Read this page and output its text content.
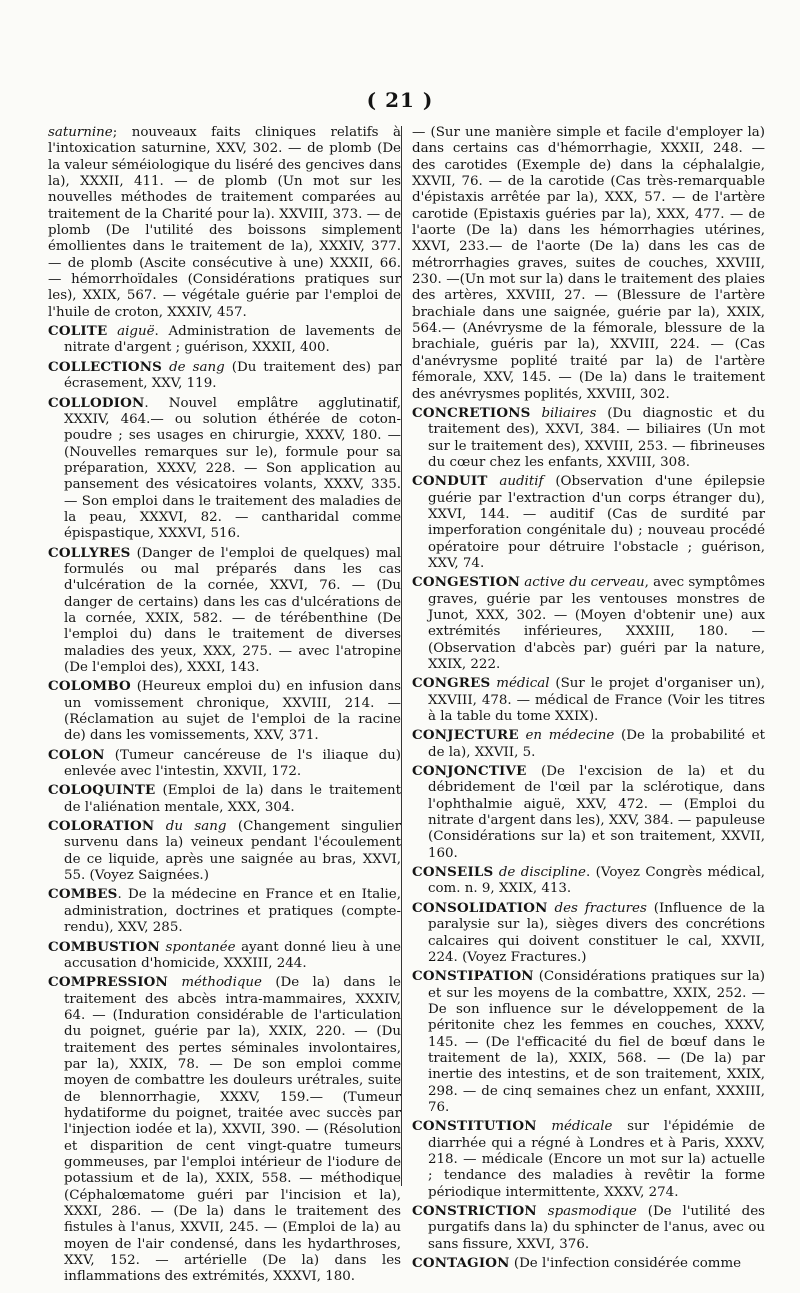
( 21 )

saturnine; nouveaux faits cliniques relatifs à l'intoxication saturnine, XXV, 302. — de plomb (De la valeur séméiologique du liséré des gencives dans la), XXXII, 411. — de plomb (Un mot sur les nouvelles méthodes de traitement comparées au traitement de la Charité pour la). XXVIII, 373. — de plomb (De l'utilité des boissons simplement émollientes dans le traitement de la), XXXIV, 377. — de plomb (Ascite consécutive à une) XXXII, 66. — hémorrhoïdales (Considérations pratiques sur les), XXIX, 567. — végétale guérie par l'emploi de l'huile de croton, XXXIV, 457.

COLITE aiguë. Administration de lavements de nitrate d'argent ; guérison, XXXII, 400.

COLLECTIONS de sang (Du traitement des) par écrasement, XXV, 119.

COLLODION. Nouvel emplâtre agglutinatif, XXXIV, 464.— ou solution éthérée de coton-poudre ; ses usages en chirurgie, XXXV, 180. — (Nouvelles remarques sur le), formule pour sa préparation, XXXV, 228. — Son application au pansement des vésicatoires volants, XXXV, 335. — Son emploi dans le traitement des maladies de la peau, XXXVI, 82. — cantharidal comme épispastique, XXXVI, 516.

COLLYRES (Danger de l'emploi de quelques) mal formulés ou mal préparés dans les cas d'ulcération de la cornée, XXVI, 76. — (Du danger de certains) dans les cas d'ulcérations de la cornée, XXIX, 582. — de térébenthine (De l'emploi du) dans le traitement de diverses maladies des yeux, XXX, 275. — avec l'atropine (De l'emploi des), XXXI, 143.

COLOMBO (Heureux emploi du) en infusion dans un vomissement chronique, XXVIII, 214. — (Réclamation au sujet de l'emploi de la racine de) dans les vomissements, XXV, 371.

COLON (Tumeur cancéreuse de l's iliaque du) enlevée avec l'intestin, XXVII, 172.

COLOQUINTE (Emploi de la) dans le traitement de l'aliénation mentale, XXX, 304.

COLORATION du sang (Changement singulier survenu dans la) veineux pendant l'écoulement de ce liquide, après une saignée au bras, XXVI, 55. (Voyez Saignées.)

COMBES. De la médecine en France et en Italie, administration, doctrines et pratiques (compte-rendu), XXV, 285.

COMBUSTION spontanée ayant donné lieu à une accusation d'homicide, XXXIII, 244.

COMPRESSION méthodique (De la) dans le traitement des abcès intra-mammaires, XXXIV, 64. — (Induration considérable de l'articulation du poignet, guérie par la), XXIX, 220. — (Du traitement des pertes séminales involontaires, par la), XXIX, 78. — De son emploi comme moyen de combattre les douleurs urétrales, suite de blennorrhagie, XXXV, 159.— (Tumeur hydatiforme du poignet, traitée avec succès par l'injection iodée et la), XXVII, 390. — (Résolution et disparition de cent vingt-quatre tumeurs gommeuses, par l'emploi intérieur de l'iodure de potassium et de la), XXIX, 558. — méthodique (Céphalœmatome guéri par l'incision et la), XXXI, 286. — (De la) dans le traitement des fistules à l'anus, XXVII, 245. — (Emploi de la) au moyen de l'air condensé, dans les hydarthroses, XXV, 152. — artérielle (De la) dans les inflammations des extrémités, XXXVI, 180.

— (Sur une manière simple et facile d'employer la) dans certains cas d'hémorrhagie, XXXII, 248. — des carotides (Exemple de) dans la céphalalgie, XXVII, 76. — de la carotide (Cas très-remarquable d'épistaxis arrêtée par la), XXX, 57. — de l'artère carotide (Epistaxis guéries par la), XXX, 477. — de l'aorte (De la) dans les hémorrhagies utérines, XXVI, 233.— de l'aorte (De la) dans les cas de métrorrhagies graves, suites de couches, XXVIII, 230. —(Un mot sur la) dans le traitement des plaies des artères, XXVIII, 27. — (Blessure de l'artère brachiale dans une saignée, guérie par la), XXIX, 564.— (Anévrysme de la fémorale, blessure de la brachiale, guéris par la), XXVIII, 224. — (Cas d'anévrysme poplité traité par la) de l'artère fémorale, XXV, 145. — (De la) dans le traitement des anévrysmes poplités, XXVIII, 302.

CONCRETIONS biliaires (Du diagnostic et du traitement des), XXVI, 384. — biliaires (Un mot sur le traitement des), XXVIII, 253. — fibrineuses du cœur chez les enfants, XXVIII, 308.

CONDUIT auditif (Observation d'une épilepsie guérie par l'extraction d'un corps étranger du), XXVI, 144. — auditif (Cas de surdité par imperforation congénitale du) ; nouveau procédé opératoire pour détruire l'obstacle ; guérison, XXV, 74.

CONGESTION active du cerveau, avec symptômes graves, guérie par les ventouses monstres de Junot, XXX, 302. — (Moyen d'obtenir une) aux extrémités inférieures, XXXIII, 180. — (Observation d'abcès par) guéri par la nature, XXIX, 222.

CONGRES médical (Sur le projet d'organiser un), XXVIII, 478. — médical de France (Voir les titres à la table du tome XXIX).

CONJECTURE en médecine (De la probabilité et de la), XXVII, 5.

CONJONCTIVE (De l'excision de la) et du débridement de l'œil par la sclérotique, dans l'ophthalmie aiguë, XXV, 472. — (Emploi du nitrate d'argent dans les), XXV, 384. — papuleuse (Considérations sur la) et son traitement, XXVII, 160.

CONSEILS de discipline. (Voyez Congrès médical, com. n. 9, XXIX, 413.

CONSOLIDATION des fractures (Influence de la paralysie sur la), sièges divers des concrétions calcaires qui doivent constituer le cal, XXVII, 224. (Voyez Fractures.)

CONSTIPATION (Considérations pratiques sur la) et sur les moyens de la combattre, XXIX, 252. — De son influence sur le développement de la péritonite chez les femmes en couches, XXXV, 145. — (De l'efficacité du fiel de bœuf dans le traitement de la), XXIX, 568. — (De la) par inertie des intestins, et de son traitement, XXIX, 298. — de cinq semaines chez un enfant, XXXIII, 76.

CONSTITUTION médicale sur l'épidémie de diarrhée qui a régné à Londres et à Paris, XXXV, 218. — médicale (Encore un mot sur la) actuelle ; tendance des maladies à revêtir la forme périodique intermittente, XXXV, 274.

CONSTRICTION spasmodique (De l'utilité des purgatifs dans la) du sphincter de l'anus, avec ou sans fissure, XXVI, 376.

CONTAGION (De l'infection considérée comme
